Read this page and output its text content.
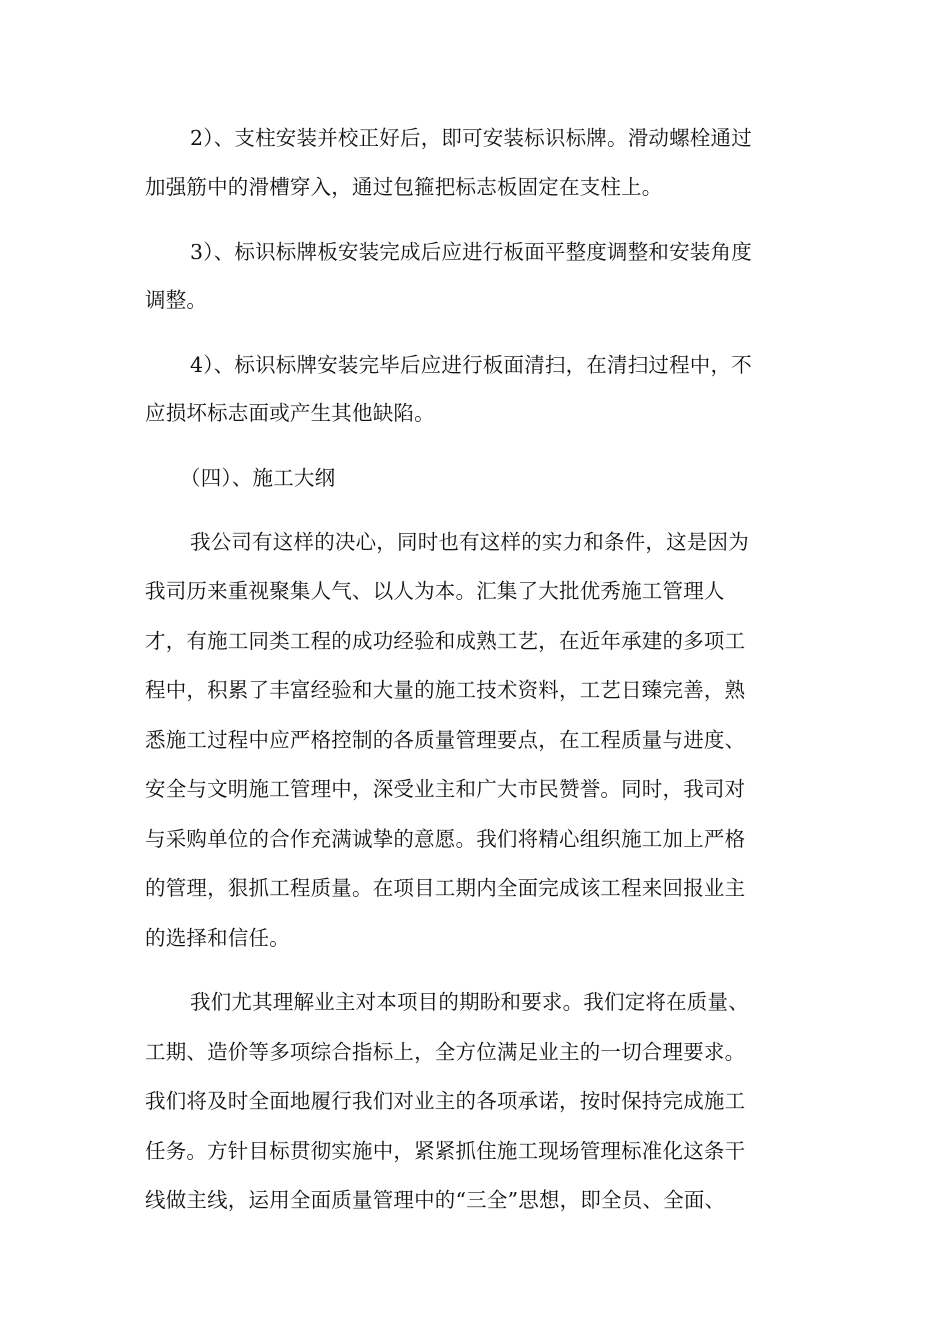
2）、支柱安装并校正好后，即可安装标识标牌。滑动螺栓通过
加强筋中的滑槽穿入，通过包箍把标志板固定在支柱上。
3）、标识标牌板安装完成后应进行板面平整度调整和安装角度
调整。
4）、标识标牌安装完毕后应进行板面清扫，在清扫过程中，不
应损坏标志面或产生其他缺陷。
（四）、施工大纲
我公司有这样的决心，同时也有这样的实力和条件，这是因为
我司历来重视聚集人气、以人为本。汇集了大批优秀施工管理人
才，有施工同类工程的成功经验和成熟工艺，在近年承建的多项工
程中，积累了丰富经验和大量的施工技术资料，工艺日臻完善，熟
悉施工过程中应严格控制的各质量管理要点，在工程质量与进度、
安全与文明施工管理中，深受业主和广大市民赞誉。同时，我司对
与采购单位的合作充满诚挚的意愿。我们将精心组织施工加上严格
的管理，狠抓工程质量。在项目工期内全面完成该工程来回报业主
的选择和信任。
我们尤其理解业主对本项目的期盼和要求。我们定将在质量、
工期、造价等多项综合指标上，全方位满足业主的一切合理要求。
我们将及时全面地履行我们对业主的各项承诺，按时保持完成施工
任务。方针目标贯彻实施中，紧紧抓住施工现场管理标准化这条干
线做主线，运用全面质量管理中的“三全”思想，即全员、全面、
